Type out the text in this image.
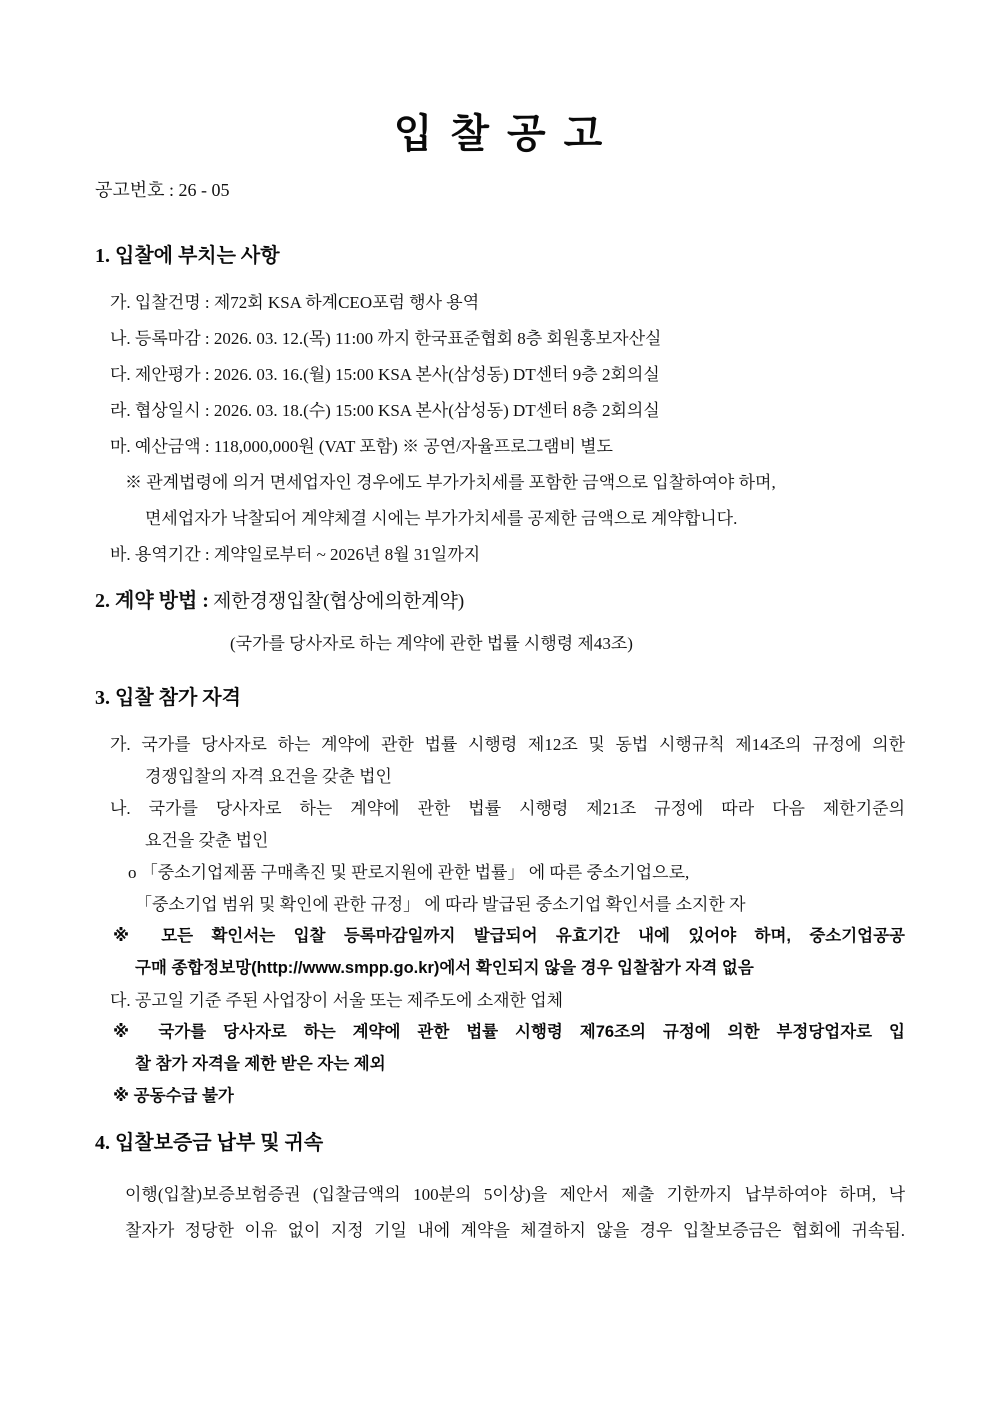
입 찰 공 고
공고번호 : 26 - 05
1. 입찰에 부치는 사항
가. 입찰건명 : 제72회 KSA 하계CEO포럼 행사 용역
나. 등록마감 : 2026. 03. 12.(목) 11:00 까지 한국표준협회 8층 회원홍보자산실
다. 제안평가 : 2026. 03. 16.(월) 15:00 KSA 본사(삼성동) DT센터 9층 2회의실
라. 협상일시 : 2026. 03. 18.(수) 15:00 KSA 본사(삼성동) DT센터 8층 2회의실
마. 예산금액 : 118,000,000원 (VAT 포함) ※ 공연/자율프로그램비 별도
※ 관계법령에 의거 면세업자인 경우에도 부가가치세를 포함한 금액으로 입찰하여야 하며,
면세업자가 낙찰되어 계약체결 시에는 부가가치세를 공제한 금액으로 계약합니다.
바. 용역기간 : 계약일로부터 ~ 2026년 8월 31일까지
2. 계약 방법 : 제한경쟁입찰(협상에의한계약)
(국가를 당사자로 하는 계약에 관한 법률 시행령 제43조)
3. 입찰 참가 자격
가. 국가를 당사자로 하는 계약에 관한 법률 시행령 제12조 및 동법 시행규칙 제14조의 규정에 의한
경쟁입찰의 자격 요건을 갖춘 법인
나. 국가를 당사자로 하는 계약에 관한 법률 시행령 제21조 규정에 따라 다음 제한기준의
요건을 갖춘 법인
o 「중소기업제품 구매촉진 및 판로지원에 관한 법률」 에 따른 중소기업으로,
「중소기업 범위 및 확인에 관한 규정」 에 따라 발급된 중소기업 확인서를 소지한 자
※ 모든 확인서는 입찰 등록마감일까지 발급되어 유효기간 내에 있어야 하며, 중소기업공공
구매 종합정보망(http://www.smpp.go.kr)에서 확인되지 않을 경우 입찰참가 자격 없음
다. 공고일 기준 주된 사업장이 서울 또는 제주도에 소재한 업체
※ 국가를 당사자로 하는 계약에 관한 법률 시행령 제76조의 규정에 의한 부정당업자로 입
찰 참가 자격을 제한 받은 자는 제외
※ 공동수급 불가
4. 입찰보증금 납부 및 귀속
이행(입찰)보증보험증권 (입찰금액의 100분의 5이상)을 제안서 제출 기한까지 납부하여야 하며, 낙
찰자가 정당한 이유 없이 지정 기일 내에 계약을 체결하지 않을 경우 입찰보증금은 협회에 귀속됨.
